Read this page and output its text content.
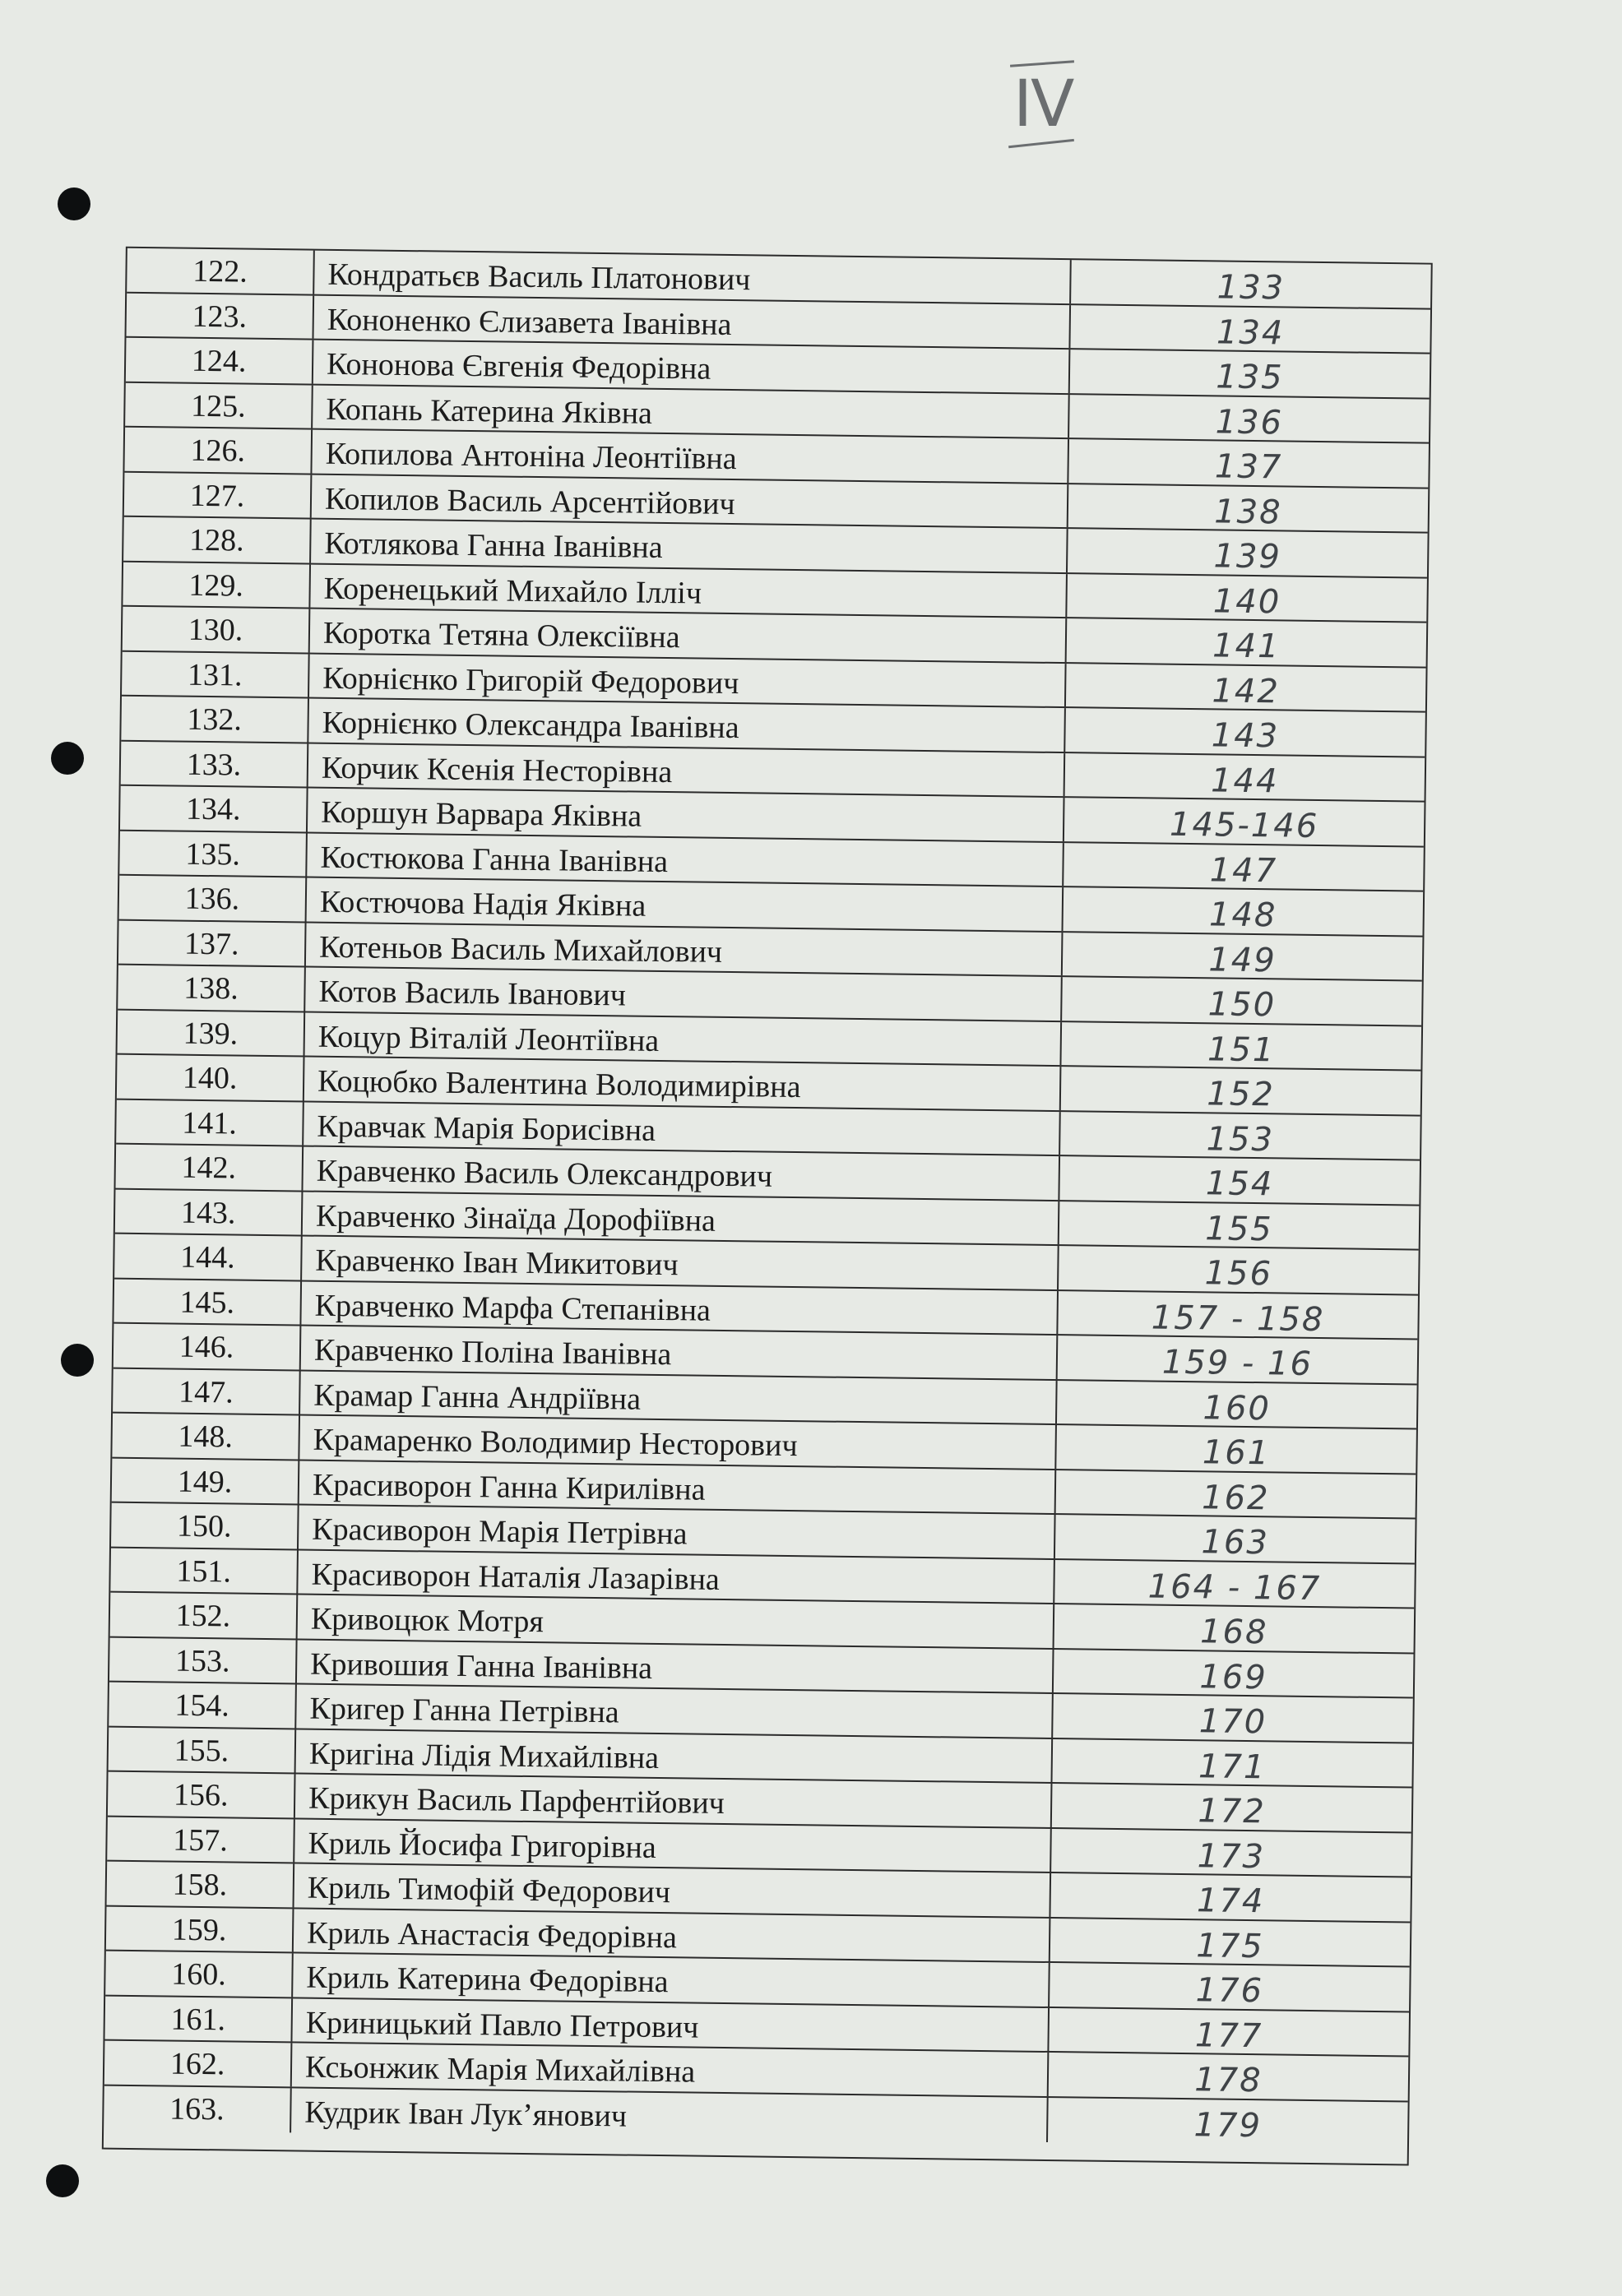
IV
122.	Кондратьєв Василь Платонович	133
123.	Кононенко Єлизавета Іванівна	134
124.	Кононова Євгенія Федорівна	135
125.	Копань Катерина Яківна	136
126.	Копилова Антоніна Леонтіївна	137
127.	Копилов Василь Арсентійович	138
128.	Котлякова Ганна Іванівна	139
129.	Коренецький Михайло Ілліч	140
130.	Коротка Тетяна Олексіївна	141
131.	Корнієнко Григорій Федорович	142
132.	Корнієнко Олександра Іванівна	143
133.	Корчик Ксенія Несторівна	144
134.	Коршун Варвара Яківна	145-146
135.	Костюкова Ганна Іванівна	147
136.	Костючова Надія Яківна	148
137.	Котеньов Василь Михайлович	149
138.	Котов Василь Іванович	150
139.	Коцур Віталій Леонтіївна	151
140.	Коцюбко Валентина Володимирівна	152
141.	Кравчак Марія Борисівна	153
142.	Кравченко Василь Олександрович	154
143.	Кравченко Зінаїда Дорофіївна	155
144.	Кравченко Іван Микитович	156
145.	Кравченко Марфа Степанівна	157 - 158
146.	Кравченко Поліна Іванівна	159 - 16
147.	Крамар Ганна Андріївна	160
148.	Крамаренко Володимир Несторович	161
149.	Красиворон Ганна Кирилівна	162
150.	Красиворон Марія Петрівна	163
151.	Красиворон Наталія Лазарівна	164 - 167
152.	Кривоцюк Мотря	168
153.	Кривошия Ганна Іванівна	169
154.	Кригер Ганна Петрівна	170
155.	Кригіна Лідія Михайлівна	171
156.	Крикун Василь Парфентійович	172
157.	Криль Йосифа Григорівна	173
158.	Криль Тимофій Федорович	174
159.	Криль Анастасія Федорівна	175
160.	Криль Катерина Федорівна	176
161.	Криницький Павло Петрович	177
162.	Ксьонжик Марія Михайлівна	178
163.	Кудрик Іван Лук’янович	179
